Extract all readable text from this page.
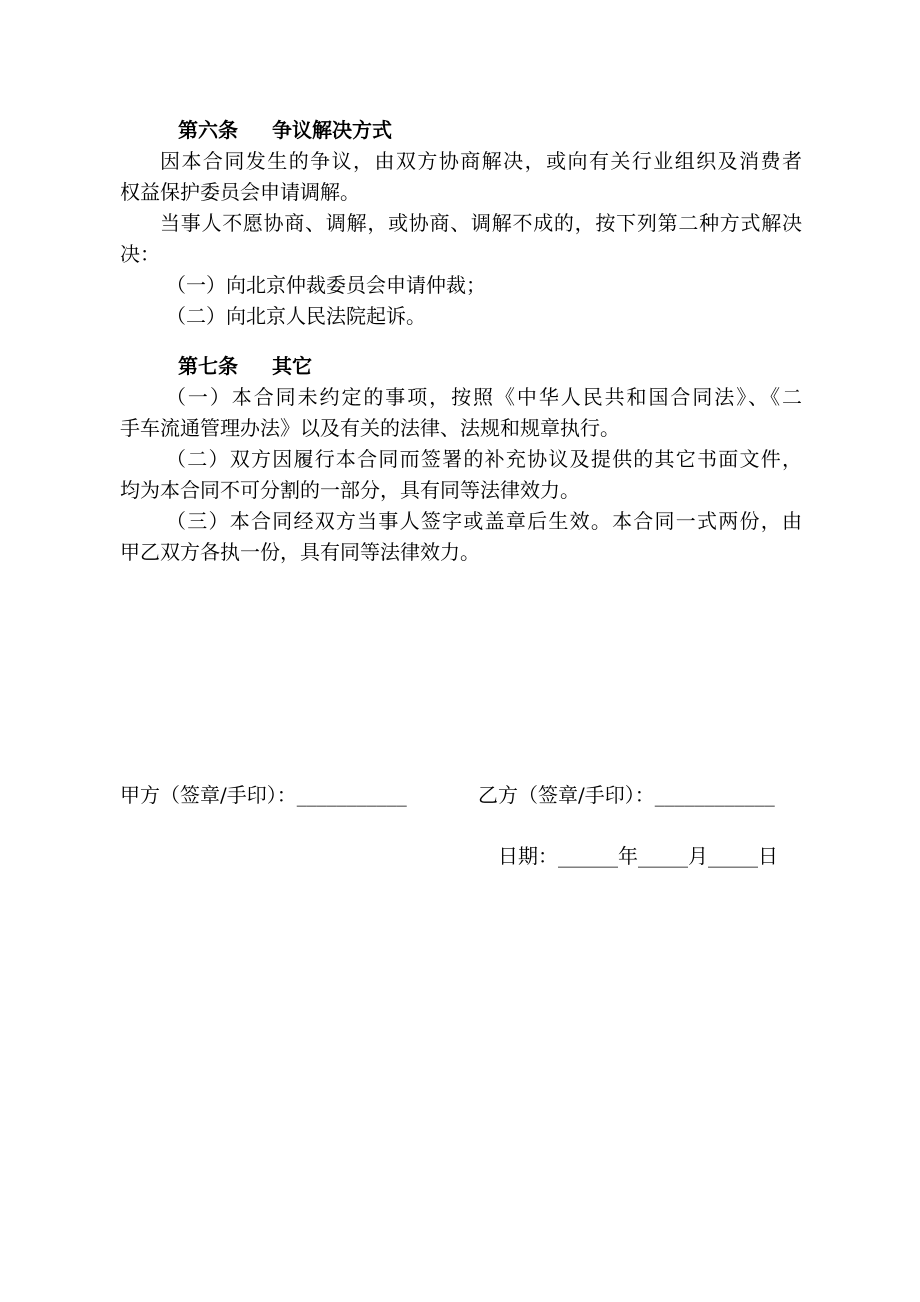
第六条 争议解决方式
因本合同发生的争议，由双方协商解决，或向有关行业组织及消费者
权益保护委员会申请调解。
当事人不愿协商、调解，或协商、调解不成的，按下列第二种方式解决
决：
（一）向北京仲裁委员会申请仲裁；
（二）向北京人民法院起诉。
第七条 其它
（一）本合同未约定的事项，按照《中华人民共和国合同法》、《二
手车流通管理办法》以及有关的法律、法规和规章执行。
（二）双方因履行本合同而签署的补充协议及提供的其它书面文件，
均为本合同不可分割的一部分，具有同等法律效力。
（三）本合同经双方当事人签字或盖章后生效。本合同一式两份，由
甲乙双方各执一份，具有同等法律效力。
甲方（签章/手印）：___________	乙方（签章/手印）：____________
日期：______年_____月_____日
